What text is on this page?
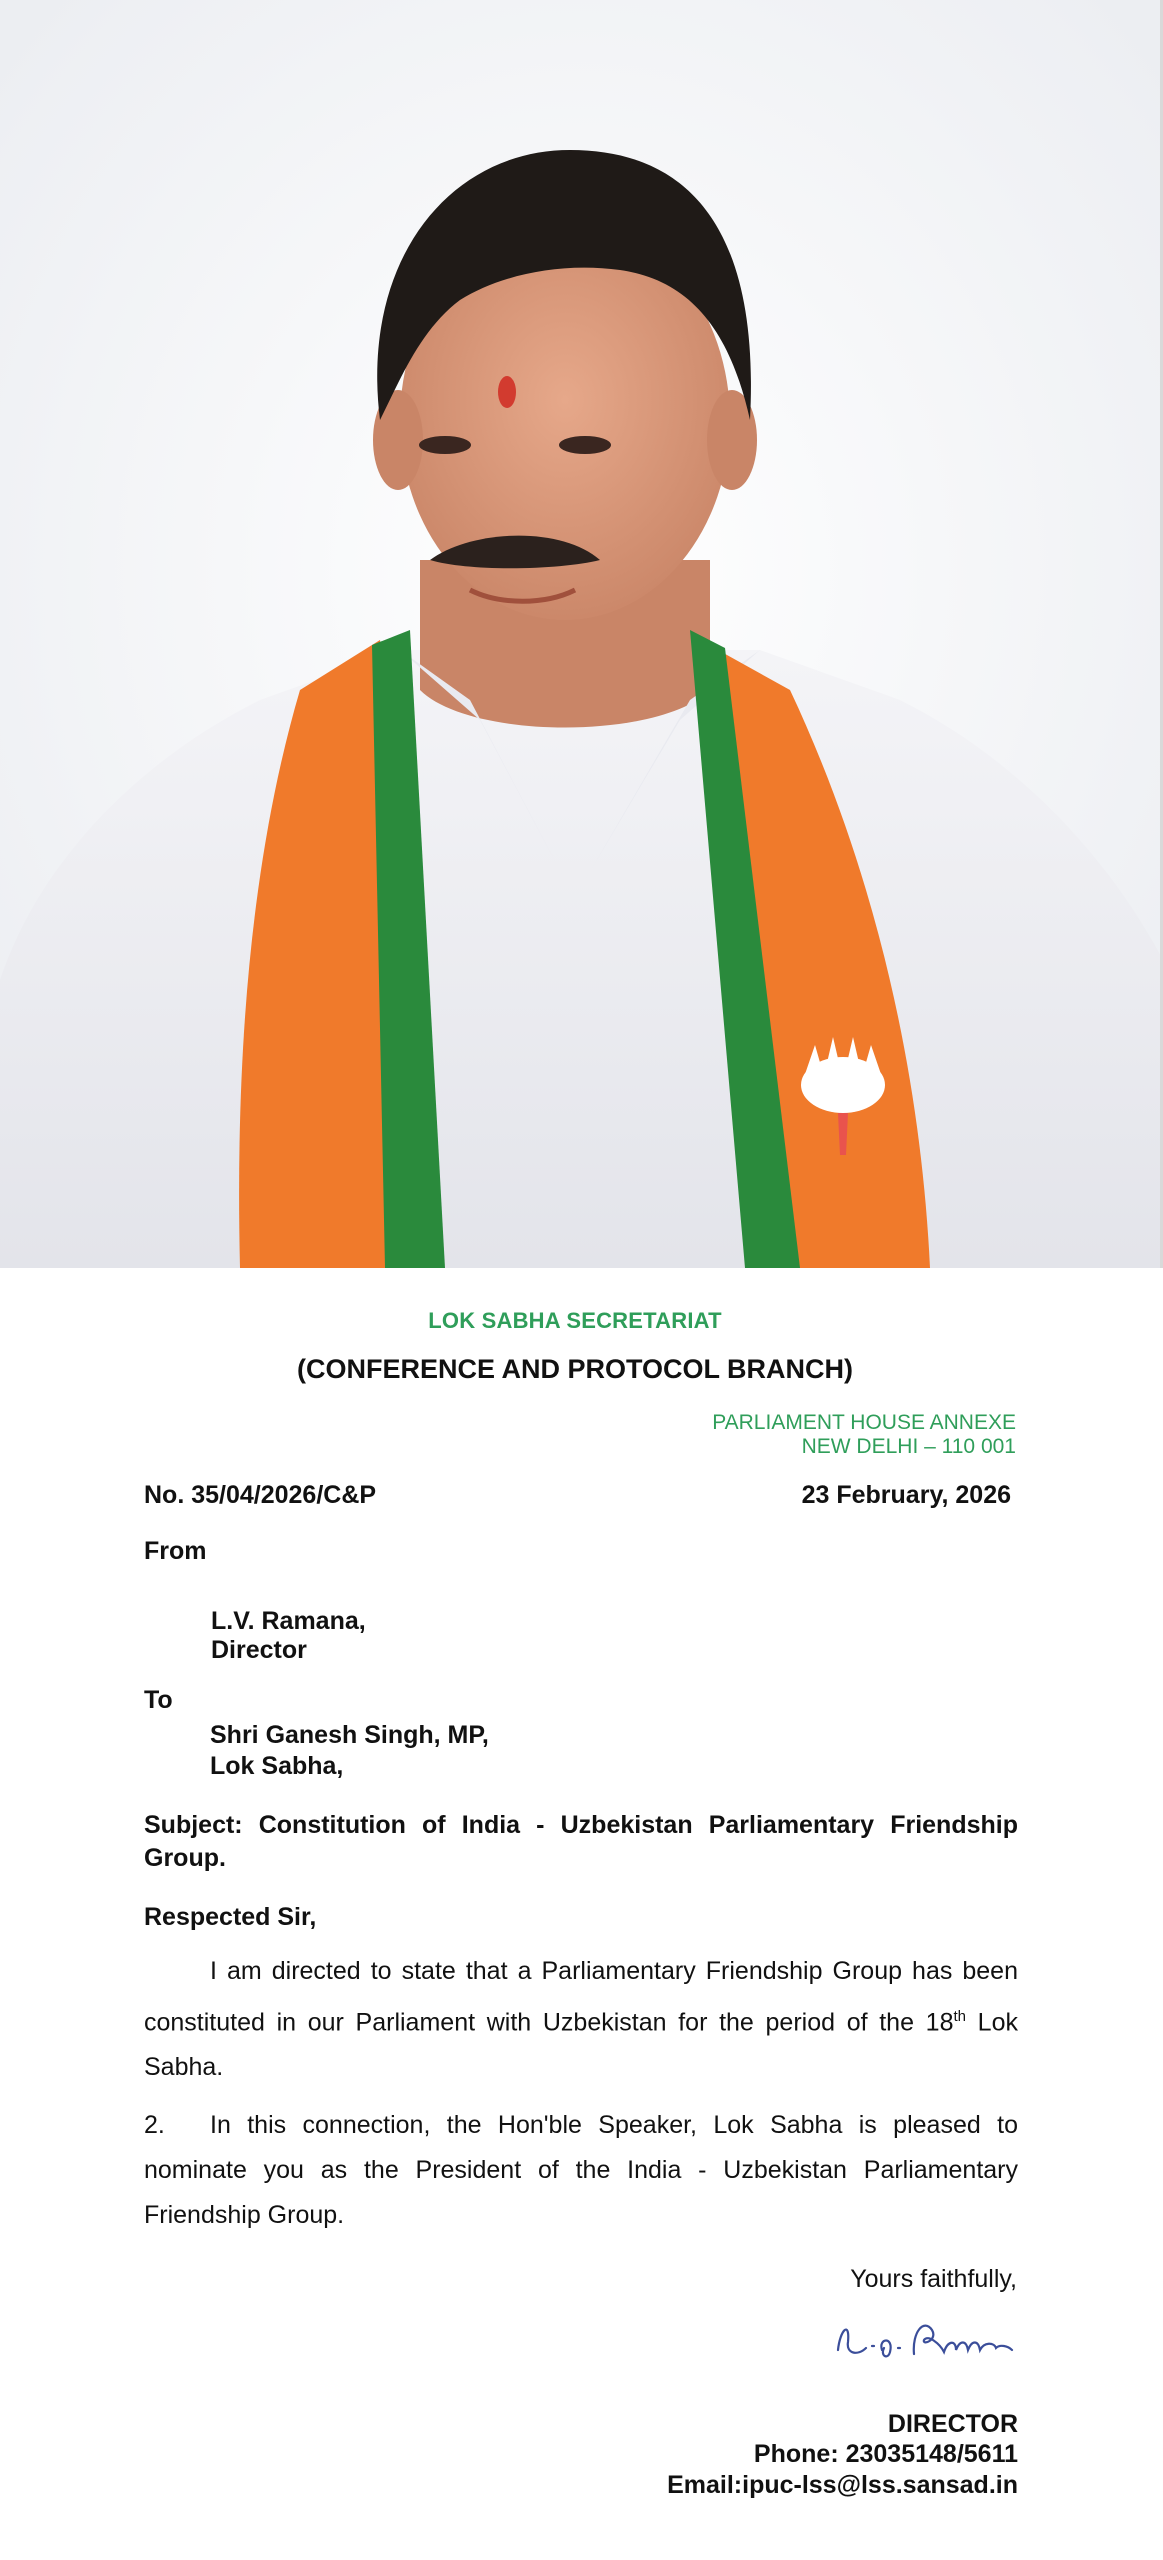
LOK SABHA SECRETARIAT
(CONFERENCE AND PROTOCOL BRANCH)
PARLIAMENT HOUSE ANNEXE
NEW DELHI – 110 001
No. 35/04/2026/C&P	23 February, 2026
From
L.V. Ramana,
Director
To
Shri Ganesh Singh, MP,
Lok Sabha,
Subject: Constitution of India - Uzbekistan Parliamentary Friendship Group.
Respected Sir,
I am directed to state that a Parliamentary Friendship Group has been constituted in our Parliament with Uzbekistan for the period of the 18th Lok Sabha.
2. In this connection, the Hon'ble Speaker, Lok Sabha is pleased to nominate you as the President of the India - Uzbekistan Parliamentary Friendship Group.
Yours faithfully,
DIRECTOR
Phone: 23035148/5611
Email:ipuc-lss@lss.sansad.in
